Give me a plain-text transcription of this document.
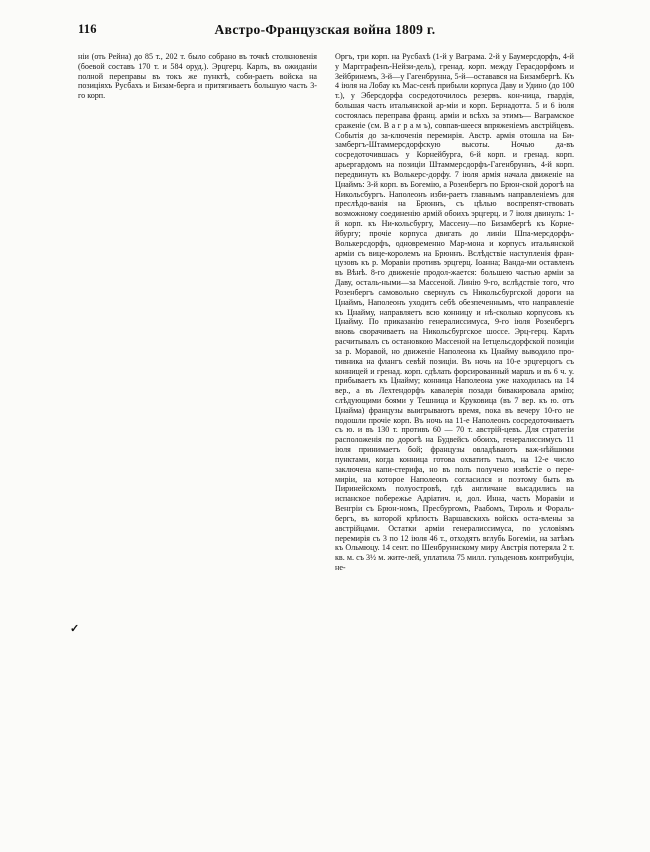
116	Австро-Французская война 1809 г.
✓

нiи (оть Рейна) до 85 т., 202 т. было собрано въ точкѣ столкновенiя (боевой составъ 170 т. и 584 оруд.). Эрцгерц. Карлъ, въ ожиданiи полной переправы въ токъ же пунктѣ, соби-раеть войска на позицiяхъ Русбахъ и Бизам-берга и притягиваетъ большую часть 3-го корп.

Оргъ, три корп. на Русбахѣ (1-й у Ваграма. 2-й у Баумерсдорфъ, 4-й у Маргграфенъ-Нейзи-дель), гренад. корп. между Герасдорфомъ и Зейбринемъ, 3-й—у Гагенбрунна, 5-й—оставався на Бизамбергѣ. Къ 4 iюля на Лобау къ Мас-сенѣ прибыли корпуса Даву и Удино (до 100 т.), у Эберсдорфа сосредоточилось резервъ. кон-ница, гвардiя, большая часть итальянской ар-мiи и корп. Бернадотта. 5 и 6 iюля состоялась переправа франц. армiи и всѣхъ за этимъ— Ваграмское сраженiе (см. В а г р а м ъ), совпав-шееся впряженiемъ австрiйцевъ. Событiя до за-ключенiя перемирiя. Австр. армiя отошла на Би-замбергъ-Штаммерсдорфскую высоты. Ночью да-въ сосредоточившась у Корнейбурга, 6-й корп. и гренад. корп. арьергардомъ на позицiи Штаммерсдорфъ-Гагенбруннъ, 4-й корп. передвинуть къ Волькерс-дорфу. 7 iюля армiя начала движенiе на Цнаймъ: 3-й корп. въ Богемiю, а Розенбергъ по Брюн-ской дорогѣ на Никольсбургъ. Наполеонъ изби-раетъ главнымъ направленiемъ для преслѣдо-ванiя на Брюннъ, съ цѣлью воспрепят-ствовать возможному соединенiю армiй обоихъ эрцгерц. и 7 iюля двинулъ: 1-й корп. къ Ни-кольсбургу, Массену—по Бизамбергѣ къ Корне-йбургу; прочiе корпуса двигать до линiи Шпа-мерсдорфъ-Волькерсдорфъ, одновременно Мар-мона и корпусъ итальянской армiи съ вице-королемъ на Брюннъ. Вслѣдствiе наступленiя фран-цузовъ къ р. Моравiи противъ эрцгерц. Iоанна; Ванда-ми оставленъ въ Вѣнѣ. 8-го движенiе продол-жается: большею частью армiи за Даву, осталь-ными—за Массеной. Линiю 9-го, вслѣдствiе того, что Розенбергъ самовольно свернулъ съ Никольсбургской дороги на Цнаймъ, Наполеонъ уходитъ себѣ обезпеченнымъ, что направленiе къ Цнайму, направляетъ всю конницу и нѣ-сколько корпусовъ къ Цнайму. По приказанiю генералиссимуса, 9-го iюля Розенбергъ вновь сворачиваетъ на Никольсбургское шоссе. Эрц-герц. Карлъ расчитывалъ съ остановкою Массеной на Iетцельсдорфской позицiи за р. Моравой, но движенiе Наполеона къ Цнайму выводило про-тивника на флангъ сeвѣй позицiи. Въ ночь на 10-е эрцгерцогъ съ конницей и гренад. корп. сдѣлать форсированный маршъ и въ 6 ч. у. прибываетъ къ Цнайму; конница Наполеона уже находилась на 14 вер., а въ Лехтендорфъ кавалерiя позади бивакировала армiю; слѣдующими боями у Тешница и Круковица (въ 7 вер. къ ю. отъ Цнайма) французы выигрываютъ время, пока въ вечеру 10-го не подошли прочiе корп. Въ ночь на 11-е Наполеонъ сосредоточиваетъ съ ю. и въ 130 т. противъ 60 — 70 т. австрiй-цевъ. Для стратегiи расположенiя по дорогѣ на Будвейсъ обоихъ, генералиссимусъ 11 iюля принимаетъ бой; французы овладѣваютъ важ-нѣйшими пунктами, когда конница готова охватить тылъ, на 12-е число заключена капи-стерифа, но въ полъ получено извѣстiе о пере-мирiи, на которое Наполеонъ согласился и поэтому быть въ Пиринейскомъ полуостровѣ, гдѣ англичане высадились на испанское побережье Адрiатич. и, дол. Инна, часть Моравiи и Венгрiи съ Брюн-номъ, Пресбургомъ, Раабомъ, Тироль и Фораль-бергъ, въ которой крѣпость Варшавскихъ войскъ оста-влены за австрiйцами. Остатки армiи генералиссимуса, по условiямъ перемирiя съ 3 по 12 iюля 46 т., отходятъ вглубь Богемiи, на затѣмъ къ Ольмюцу. 14 сент. по Шенбруннскому миру Австрiя потеряла 2 т. кв. м. съ 3½ м. жите-лей, уплатила 75 милл. гульденовъ контрибуцiи, не-
